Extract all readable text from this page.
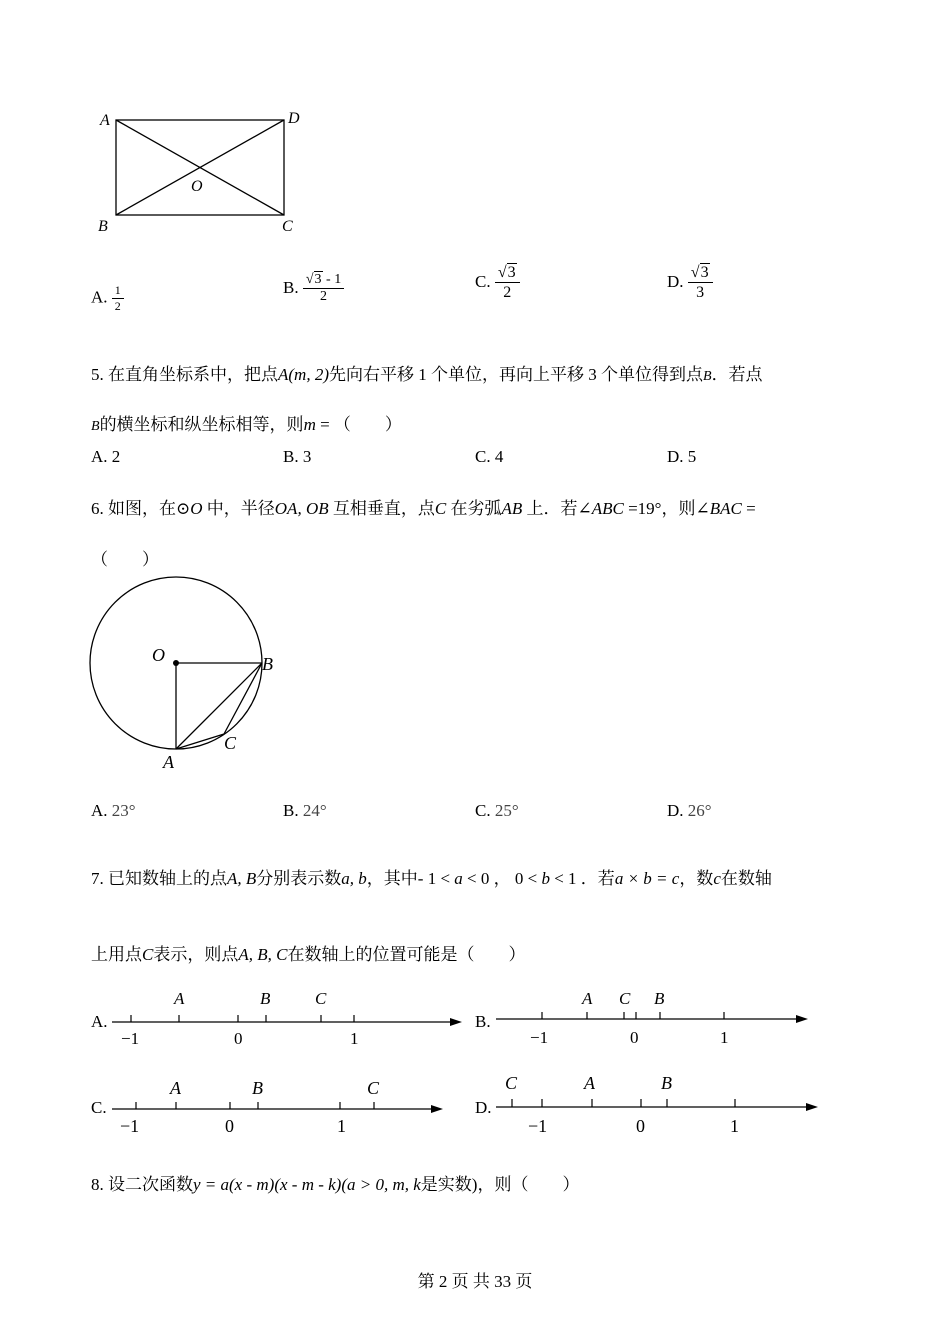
A	D
B	C
O
A. $\frac{1}{2}$	B. $\frac{√3 - 1}{2}$	C. $\frac{√3}{2}$	D. $\frac{√3}{3}$
5. 在直角坐标系中，把点A(m, 2)先向右平移 1 个单位，再向上平移 3 个单位得到点B．若点
B的横坐标和纵坐标相等，则m = （　　）
A. 2	B. 3	C. 4	D. 5
6. 如图，在⊙O 中，半径OA, OB 互相垂直，点C 在劣弧AB 上．若∠ABC =19°，则∠BAC =
（　　）
O	B
C
A
A. 23°	B. 24°	C. 25°	D. 26°
7. 已知数轴上的点A, B分别表示数a, b，其中- 1 < a < 0 ， 0 < b < 1 ．若a × b = c，数c在数轴
上用点C表示，则点A, B, C在数轴上的位置可能是（　　）
A.
−1	0	1
A	B	C
B.
−1	0	1
A C B
C.
−1	0	1
A	B	C
D.
−1	0	1
C	A	B
8. 设二次函数y = a(x - m)(x - m - k)(a > 0, m, k是实数)，则（　　）
第 2 页 共 33 页
